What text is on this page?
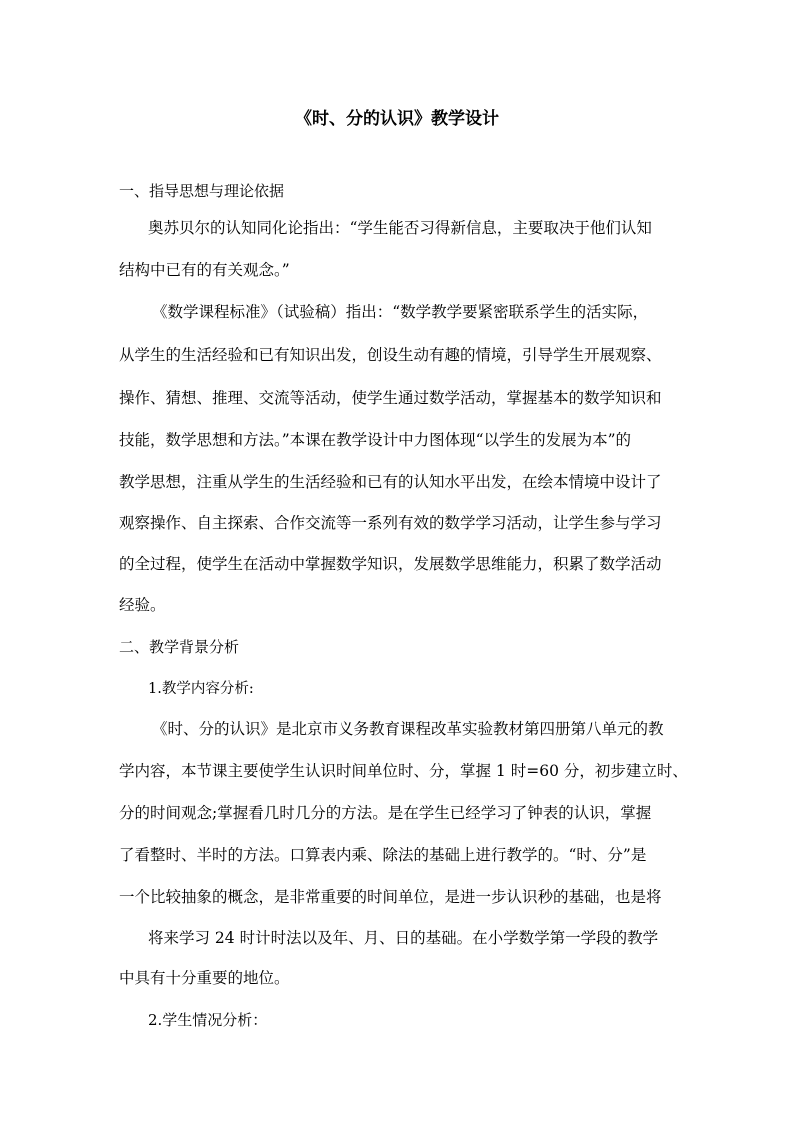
《时、分的认识》教学设计

一、指导思想与理论依据

奥苏贝尔的认知同化论指出：“学生能否习得新信息，主要取决于他们认知

结构中已有的有关观念。”

《数学课程标准》（试验稿）指出：“数学教学要紧密联系学生的活实际，

从学生的生活经验和已有知识出发，创设生动有趣的情境，引导学生开展观察、

操作、猜想、推理、交流等活动，使学生通过数学活动，掌握基本的数学知识和

技能，数学思想和方法。”本课在教学设计中力图体现“以学生的发展为本”的

教学思想，注重从学生的生活经验和已有的认知水平出发，在绘本情境中设计了

观察操作、自主探索、合作交流等一系列有效的数学学习活动，让学生参与学习

的全过程，使学生在活动中掌握数学知识，发展数学思维能力，积累了数学活动

经验。

二、教学背景分析

1.教学内容分析:

《时、分的认识》是北京市义务教育课程改革实验教材第四册第八单元的教

学内容，本节课主要使学生认识时间单位时、分，掌握 1 时=60 分，初步建立时、

分的时间观念;掌握看几时几分的方法。是在学生已经学习了钟表的认识，掌握

了看整时、半时的方法。口算表内乘、除法的基础上进行教学的。“时、分”是

一个比较抽象的概念，是非常重要的时间单位，是进一步认识秒的基础，也是将

将来学习 24 时计时法以及年、月、日的基础。在小学数学第一学段的教学

中具有十分重要的地位。

2.学生情况分析：
